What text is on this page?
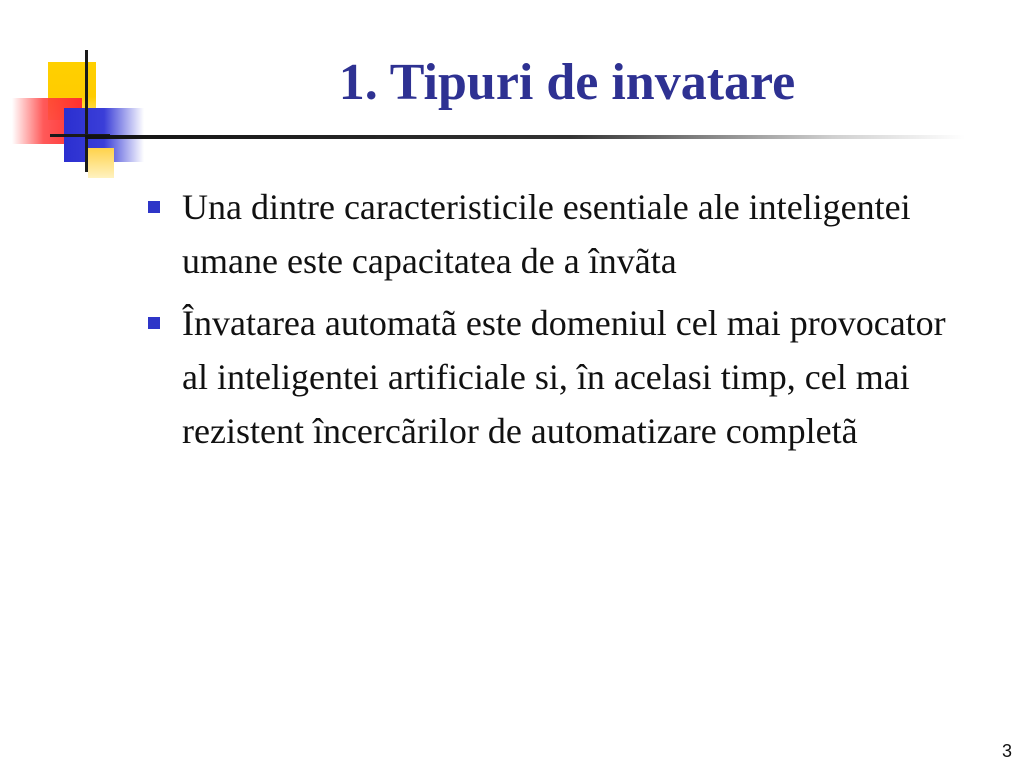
1. Tipuri de invatare
Una dintre caracteristicile esentiale ale inteligentei umane este capacitatea de a învãta
Învatarea automatã este domeniul cel mai provocator al inteligentei artificiale si, în acelasi timp, cel mai rezistent încercãrilor de automatizare completã
3
